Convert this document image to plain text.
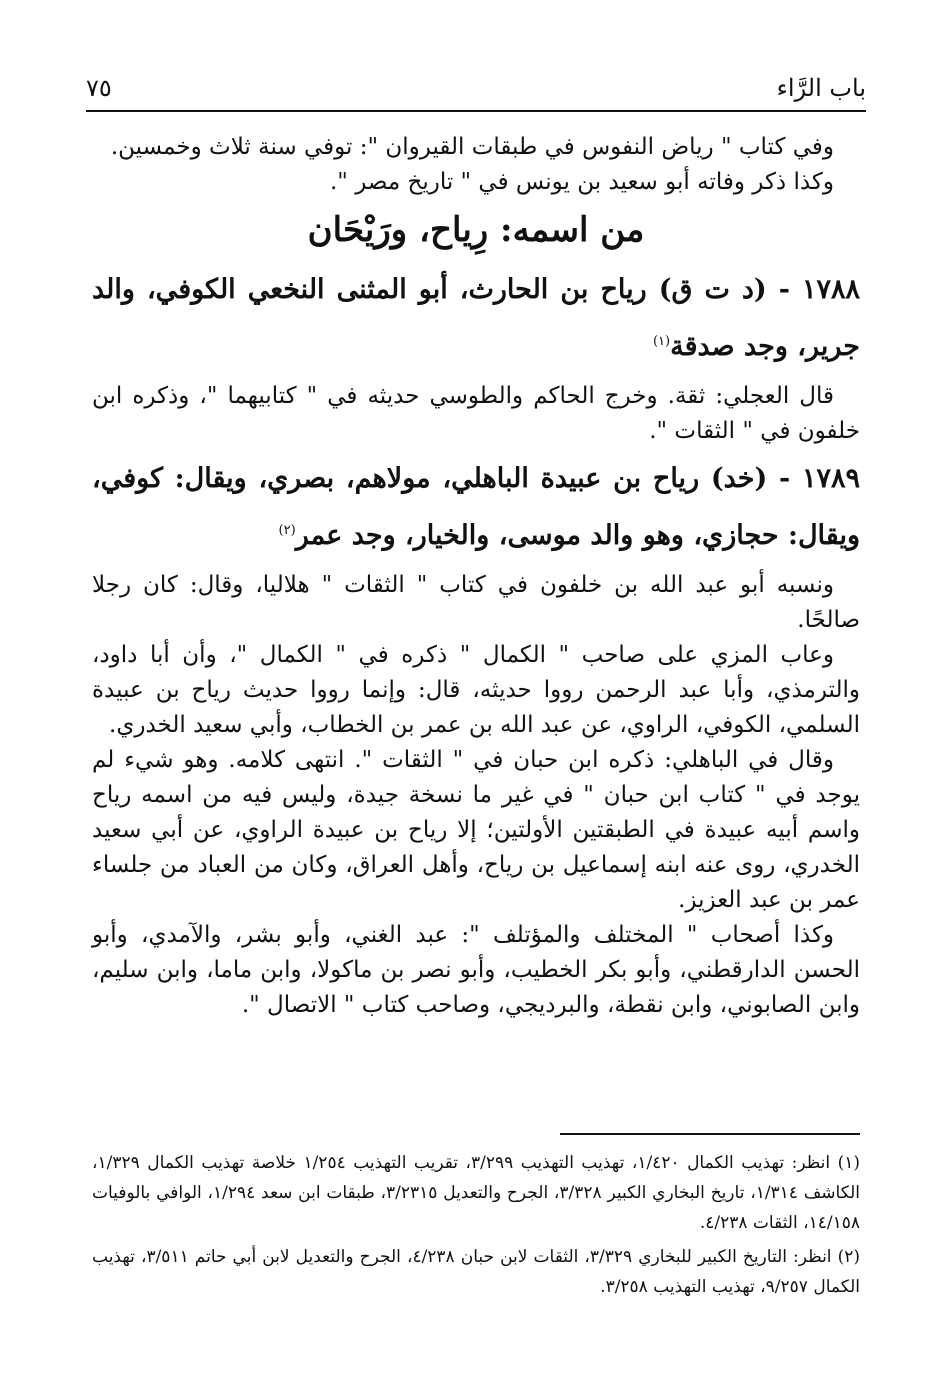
باب الرَّاء
٧٥

وفي كتاب " رياض النفوس في طبقات القيروان ": توفي سنة ثلاث وخمسين.

وكذا ذكر وفاته أبو سعيد بن يونس في " تاريخ مصر ".

من اسمه: رِياح، ورَيْحَان
١٧٨٨ - (د ت ق) رياح بن الحارث، أبو المثنى النخعي الكوفي، والد جرير، وجد صدقة$^{(١)}$

قال العجلي: ثقة. وخرج الحاكم والطوسي حديثه في " كتابيهما "، وذكره ابن خلفون في " الثقات ".

١٧٨٩ - (خد) رياح بن عبيدة الباهلي، مولاهم، بصري، ويقال: كوفي، ويقال: حجازي، وهو والد موسى، والخيار، وجد عمر$^{(٢)}$

ونسبه أبو عبد الله بن خلفون في كتاب " الثقات " هلاليا، وقال: كان رجلا صالحًا.

وعاب المزي على صاحب " الكمال " ذكره في " الكمال "، وأن أبا داود، والترمذي، وأبا عبد الرحمن رووا حديثه، قال: وإنما رووا حديث رياح بن عبيدة السلمي، الكوفي، الراوي، عن عبد الله بن عمر بن الخطاب، وأبي سعيد الخدري.

وقال في الباهلي: ذكره ابن حبان في " الثقات ". انتهى كلامه. وهو شيء لم يوجد في " كتاب ابن حبان " في غير ما نسخة جيدة، وليس فيه من اسمه رياح واسم أبيه عبيدة في الطبقتين الأولتين؛ إلا رياح بن عبيدة الراوي، عن أبي سعيد الخدري، روى عنه ابنه إسماعيل بن رياح، وأهل العراق، وكان من العباد من جلساء عمر بن عبد العزيز.

وكذا أصحاب " المختلف والمؤتلف ": عبد الغني، وأبو بشر، والآمدي، وأبو الحسن الدارقطني، وأبو بكر الخطيب، وأبو نصر بن ماكولا، وابن ماما، وابن سليم، وابن الصابوني، وابن نقطة، والبرديجي، وصاحب كتاب " الاتصال ".

(١) انظر: تهذيب الكمال ١/٤٢٠، تهذيب التهذيب ٣/٢٩٩، تقريب التهذيب ١/٢٥٤ خلاصة تهذيب الكمال ١/٣٢٩، الكاشف ١/٣١٤، تاريخ البخاري الكبير ٣/٣٢٨، الجرح والتعديل ٣/٢٣١٥، طبقات ابن سعد ١/٢٩٤، الوافي بالوفيات ١٤/١٥٨، الثقات ٤/٢٣٨.

(٢) انظر: التاريخ الكبير للبخاري ٣/٣٢٩، الثقات لابن حبان ٤/٢٣٨، الجرح والتعديل لابن أبي حاتم ٣/٥١١، تهذيب الكمال ٩/٢٥٧، تهذيب التهذيب ٣/٢٥٨.
